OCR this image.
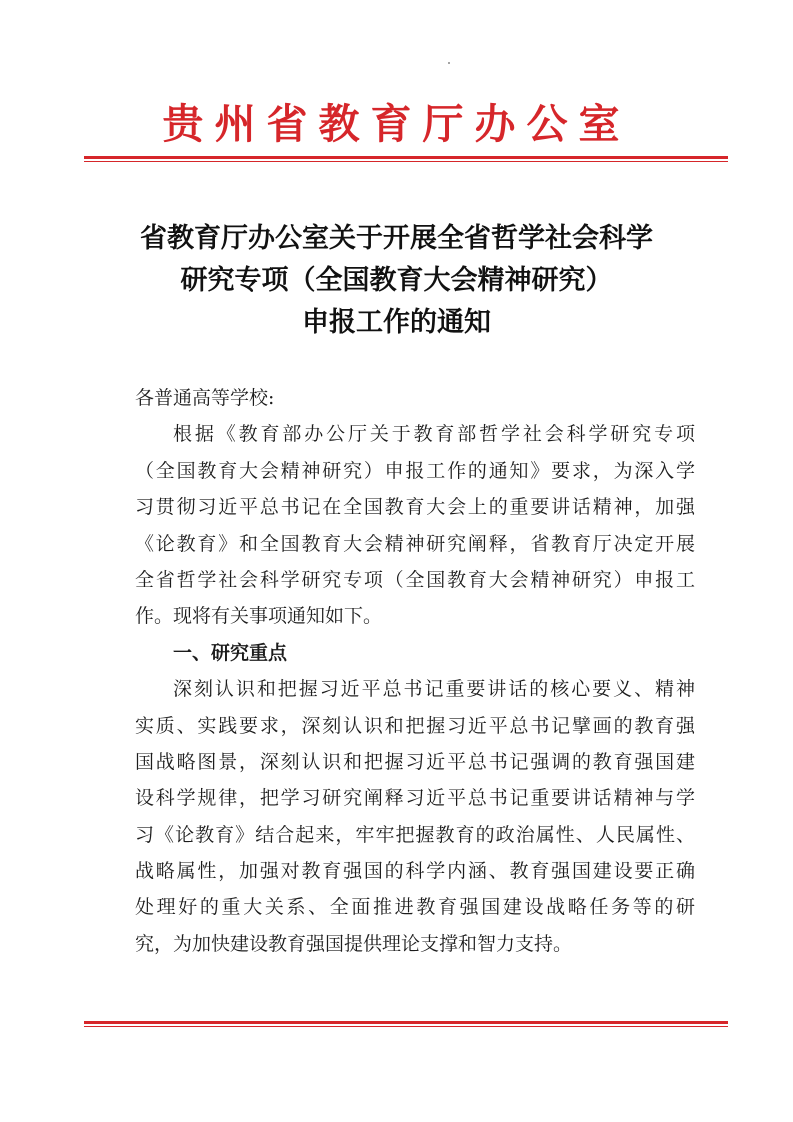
贵州省教育厅办公室
省教育厅办公室关于开展全省哲学社会科学
研究专项（全国教育大会精神研究）
申报工作的通知
各普通高等学校:
根据《教育部办公厅关于教育部哲学社会科学研究专项
（全国教育大会精神研究）申报工作的通知》要求，为深入学
习贯彻习近平总书记在全国教育大会上的重要讲话精神，加强
《论教育》和全国教育大会精神研究阐释，省教育厅决定开展
全省哲学社会科学研究专项（全国教育大会精神研究）申报工
作。现将有关事项通知如下。
一、研究重点
深刻认识和把握习近平总书记重要讲话的核心要义、精神
实质、实践要求，深刻认识和把握习近平总书记擘画的教育强
国战略图景，深刻认识和把握习近平总书记强调的教育强国建
设科学规律，把学习研究阐释习近平总书记重要讲话精神与学
习《论教育》结合起来，牢牢把握教育的政治属性、人民属性、
战略属性，加强对教育强国的科学内涵、教育强国建设要正确
处理好的重大关系、全面推进教育强国建设战略任务等的研
究，为加快建设教育强国提供理论支撑和智力支持。
